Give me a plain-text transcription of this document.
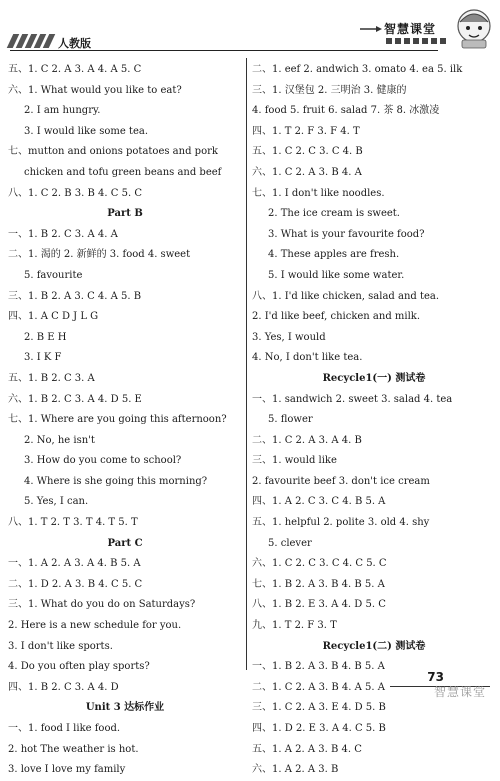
人教版
智慧课堂
五、1. C 2. A 3. A 4. A 5. C
六、1. What would you like to eat?
2. I am hungry.
3. I would like some tea.
七、mutton and onions potatoes and pork
chicken and tofu green beans and beef
八、1. C 2. B 3. B 4. C 5. C
Part B
一、1. B 2. C 3. A 4. A
二、1. 渴的 2. 新鲜的 3. food 4. sweet
5. favourite
三、1. B 2. A 3. C 4. A 5. B
四、1. A C D J L G
2. B E H
3. I K F
五、1. B 2. C 3. A
六、1. B 2. C 3. A 4. D 5. E
七、1. Where are you going this afternoon?
2. No, he isn't
3. How do you come to school?
4. Where is she going this morning?
5. Yes, I can.
八、1. T 2. T 3. T 4. T 5. T
Part C
一、1. A 2. A 3. A 4. B 5. A
二、1. D 2. A 3. B 4. C 5. C
三、1. What do you do on Saturdays?
2. Here is a new schedule for you.
3. I don't like sports.
4. Do you often play sports?
四、1. B 2. C 3. A 4. D
Unit 3 达标作业
一、1. food I like food.
2. hot The weather is hot.
3. love I love my family
二、1. eef 2. andwich 3. omato 4. ea 5. ilk
三、1. 汉堡包 2. 三明治 3. 健康的
4. food 5. fruit 6. salad 7. 茶 8. 冰激凌
四、1. T 2. F 3. F 4. T
五、1. C 2. C 3. C 4. B
六、1. C 2. A 3. B 4. A
七、1. I don't like noodles.
2. The ice cream is sweet.
3. What is your favourite food?
4. These apples are fresh.
5. I would like some water.
八、1. I'd like chicken, salad and tea.
2. I'd like beef, chicken and milk.
3. Yes, I would
4. No, I don't like tea.
Recycle1(一) 测试卷
一、1. sandwich 2. sweet 3. salad 4. tea
5. flower
二、1. C 2. A 3. A 4. B
三、1. would like
2. favourite beef 3. don't ice cream
四、1. A 2. C 3. C 4. B 5. A
五、1. helpful 2. polite 3. old 4. shy
5. clever
六、1. C 2. C 3. C 4. C 5. C
七、1. B 2. A 3. B 4. B 5. A
八、1. B 2. E 3. A 4. D 5. C
九、1. T 2. F 3. T
Recycle1(二) 测试卷
一、1. B 2. A 3. B 4. B 5. A
二、1. C 2. A 3. B 4. A 5. A
三、1. C 2. A 3. E 4. D 5. B
四、1. D 2. E 3. A 4. C 5. B
五、1. A 2. A 3. B 4. C
六、1. A 2. A 3. B
73
智慧课堂
